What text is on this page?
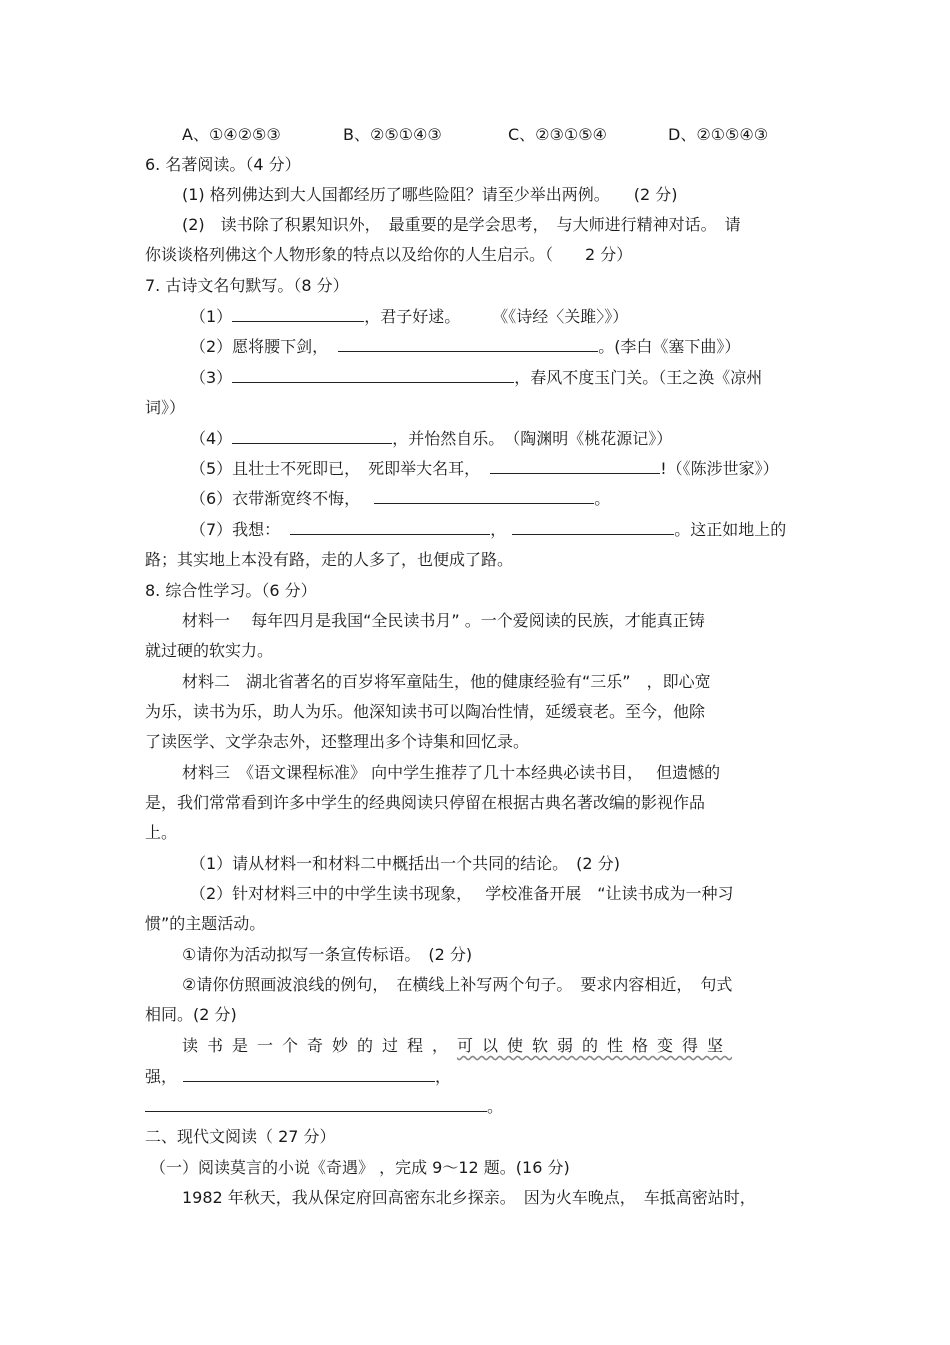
A、①④②⑤③	B、②⑤①④③	C、②③①⑤④	D、②①⑤④③
6. 名著阅读。（4 分）
(1) 格列佛达到大人国都经历了哪些险阻？请至少举出两例。　　(2 分)
(2)　读书除了积累知识外，　最重要的是学会思考，　与大师进行精神对话。　请
你谈谈格列佛这个人物形象的特点以及给你的人生启示。（　　2 分）
7. 古诗文名句默写。（8 分）
（1）	，君子好逑。　　　《《诗经〈关雎〉》）
（2）愿将腰下剑，	。(李白《塞下曲》）
（3）	，春风不度玉门关。（王之涣《凉州
词》）
（4）	，并怡然自乐。　（陶渊明《桃花源记》）
（5）且壮士不死即已，　死即举大名耳，	!（《陈涉世家》）
（6）衣带渐宽终不悔，	。
（7）我想：	，	。这正如地上的
路；其实地上本没有路，走的人多了，也便成了路。
8. 综合性学习。（6 分）
材料一　 每年四月是我国“全民读书月” 。一个爱阅读的民族，才能真正铸
就过硬的软实力。
材料二　湖北省著名的百岁将军童陆生，他的健康经验有“三乐”　，即心宽
为乐，读书为乐，助人为乐。他深知读书可以陶冶性情，延缓衰老。至今，他除
了读医学、文学杂志外，还整理出多个诗集和回忆录。
材料三　《语文课程标准》 向中学生推荐了几十本经典必读书目，　 但遗憾的
是，我们常常看到许多中学生的经典阅读只停留在根据古典名著改编的影视作品
上。
（1）请从材料一和材料二中概括出一个共同的结论。　(2 分)
（2）针对材料三中的中学生读书现象，　 学校准备开展　“让读书成为一种习
惯”的主题活动。
①请你为活动拟写一条宣传标语。　(2 分)
②请你仿照画波浪线的例句，　在横线上补写两个句子。　要求内容相近，　句式
相同。(2 分)
读书是一个奇妙的过程，可以使软弱的性格变得坚
强，	，
。
二、现代文阅读（ 27 分）
（一）阅读莫言的小说《奇遇》 ，完成 9～12 题。(16 分)
1982 年秋天，我从保定府回高密东北乡探亲。　因为火车晚点，　车抵高密站时，
